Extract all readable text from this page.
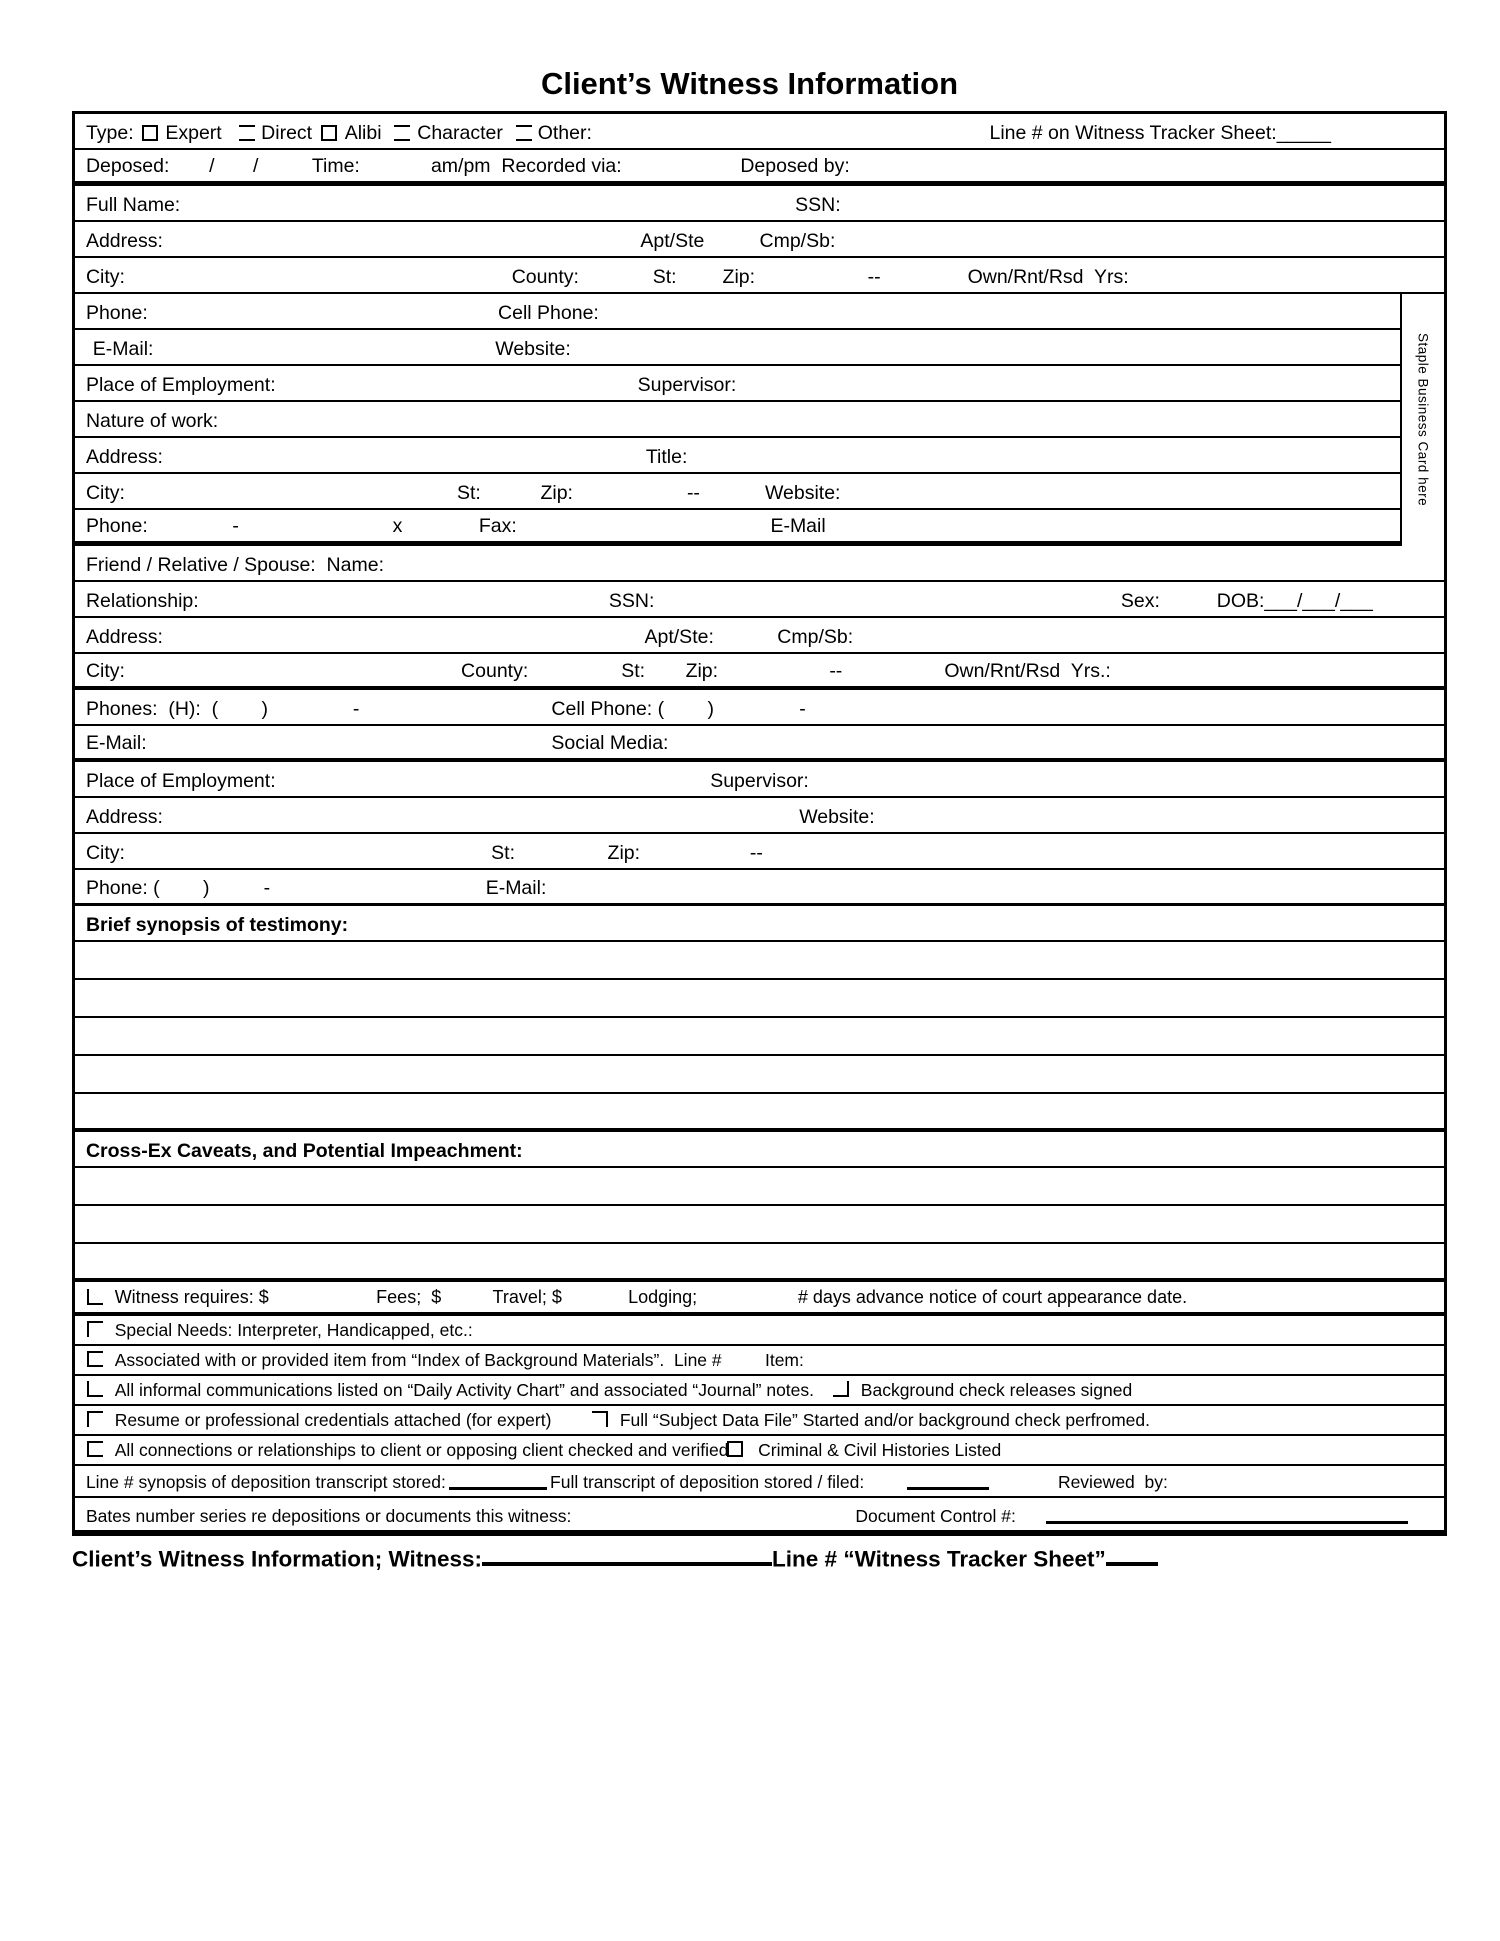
Client’s Witness Information
Type: Expert Direct Alibi Character Other:	Line # on Witness Tracker Sheet:_____
Deposed: / /	Time:	am/pm  Recorded via:	Deposed by:
Full Name:	SSN:
Address:	Apt/Ste	Cmp/Sb:
City:	County:	St: Zip:	--	Own/Rnt/Rsd  Yrs:
Phone:	Cell Phone:
E-Mail:	Website:
Place of Employment:	Supervisor:
Nature of work:
Address:	Title:
City:	St:	Zip:	--	Website:
Phone:	-	x	Fax:	E-Mail
Friend / Relative / Spouse:  Name:
Relationship:	SSN:	Sex:	DOB:___/___/___
Address:	Apt/Ste:	Cmp/Sb:
City:	County:	St: Zip:	--	Own/Rnt/Rsd  Yrs.:
Phones:  (H):  (        )	-	Cell Phone: (        )	-
E-Mail:	Social Media:
Place of Employment:	Supervisor:
Address:	Website:
City:	St:	Zip:	--
Phone: (        )          -	E-Mail:
Brief synopsis of testimony:
Cross-Ex Caveats, and Potential Impeachment:
Witness requires: $	Fees;  $	Travel; $	Lodging;	# days advance notice of court appearance date.
Special Needs: Interpreter, Handicapped, etc.:
Associated with or provided item from “Index of Background Materials”.  Line # Item:
All informal communications listed on “Daily Activity Chart” and associated “Journal” notes.	Background check releases signed
Resume or professional credentials attached (for expert)	Full “Subject Data File” Started and/or background check perfromed.
All connections or relationships to client or opposing client checked and verified Criminal & Civil Histories Listed
Line # synopsis of deposition transcript stored:	Full transcript of deposition stored / filed:	Reviewed  by:
Bates number series re depositions or documents this witness:	Document Control #:
Staple Business Card here
Client’s Witness Information; Witness:	Line # “Witness Tracker Sheet”
